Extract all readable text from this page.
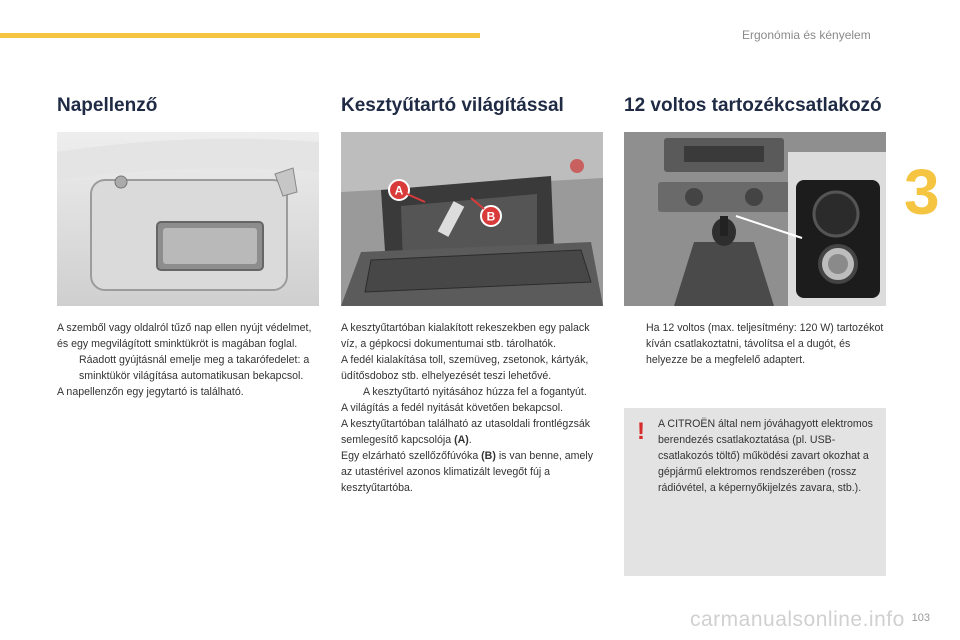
Ergonómia és kényelem
3
Napellenző

A szemből vagy oldalról tűző nap ellen nyújt védelmet, és egy megvilágított sminktükröt is magában foglal.

Ráadott gyújtásnál emelje meg a takarófedelet: a sminktükör világítása automatikusan bekapcsol.

A napellenzőn egy jegytartó is található.

Kesztyűtartó világítással
A
B

A kesztyűtartóban kialakított rekeszekben egy palack víz, a gépkocsi dokumentumai stb. tárolhatók.

A fedél kialakítása toll, szemüveg, zsetonok, kártyák, üdítősdoboz stb. elhelyezését teszi lehetővé.

A kesztyűtartó nyitásához húzza fel a fogantyút.

A világítás a fedél nyitását követően bekapcsol.

A kesztyűtartóban található az utasoldali frontlégzsák semlegesítő kapcsolója (A).

Egy elzárható szellőzőfúvóka (B) is van benne, amely az utastérivel azonos klimatizált levegőt fúj a kesztyűtartóba.

12 voltos tartozékcsatlakozó
Ha 12 voltos (max. teljesítmény: 120 W) tartozékot kíván csatlakoztatni, távolítsa el a dugót, és helyezze be a megfelelő adaptert.
! A CITROËN által nem jóváhagyott elektromos berendezés csatlakoztatása (pl. USB-csatlakozós töltő) működési zavart okozhat a gépjármű elektromos rendszerében (rossz rádióvétel, a képernyőkijelzés zavara, stb.).
carmanualsonline.info 103
